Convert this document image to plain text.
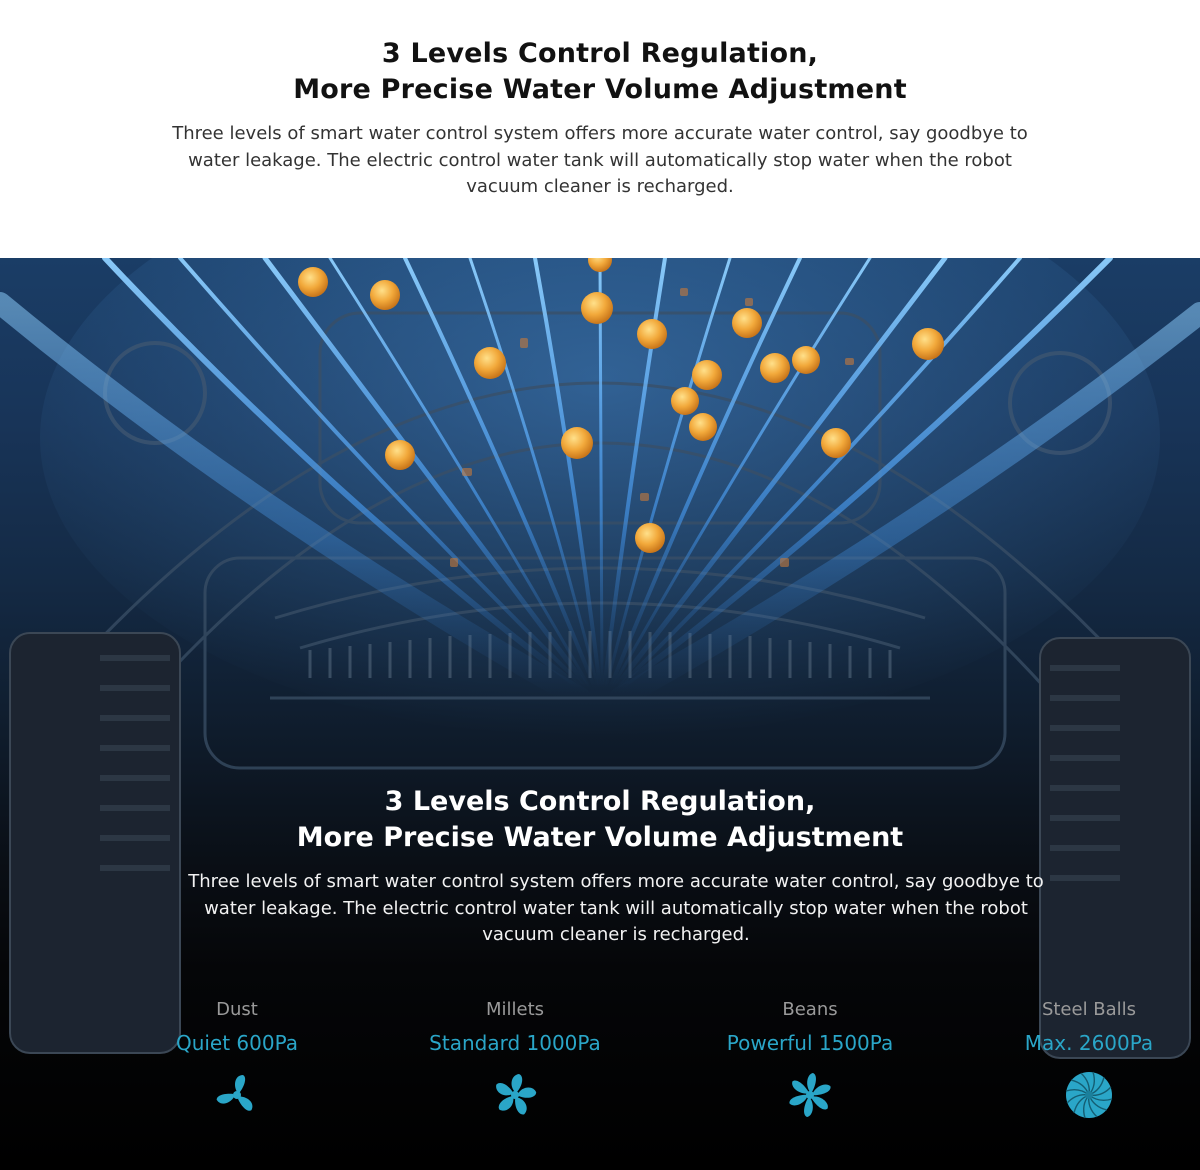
3 Levels Control Regulation,
More Precise Water Volume Adjustment

Three levels of smart water control system offers more accurate water control, say goodbye to water leakage. The electric control water tank will automatically stop water when the robot vacuum cleaner is recharged.

3 Levels Control Regulation,
More Precise Water Volume Adjustment

Three levels of smart water control system offers more accurate water control, say goodbye to water leakage. The electric control water tank will automatically stop water when the robot vacuum cleaner is recharged.

Dust
Quiet 600Pa
Millets
Standard 1000Pa
Beans
Powerful 1500Pa
Steel Balls
Max. 2600Pa
